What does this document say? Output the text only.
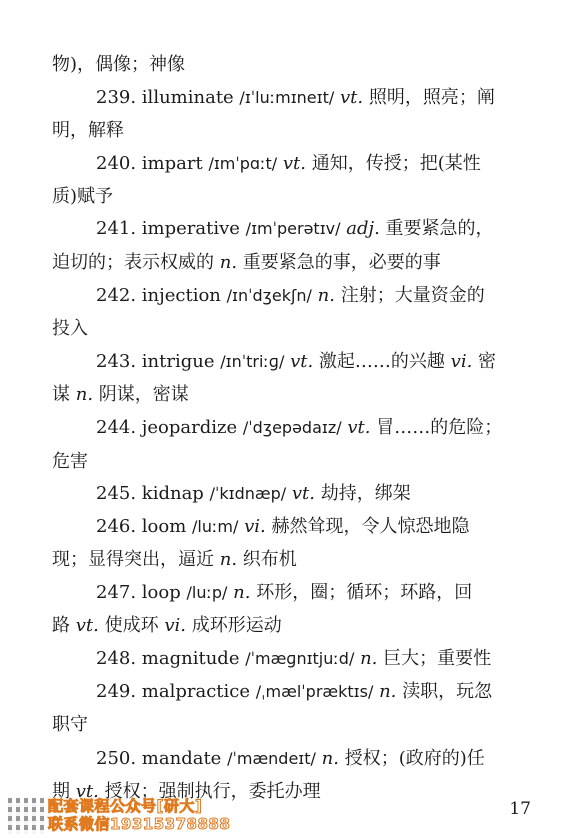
物)，偶像；神像
239. illuminate /ɪˈluːmɪneɪt/ vt. 照明，照亮；阐
明，解释
240. impart /ɪmˈpɑːt/ vt. 通知，传授；把(某性
质)赋予
241. imperative /ɪmˈperətɪv/ adj. 重要紧急的，
迫切的；表示权威的 n. 重要紧急的事，必要的事
242. injection /ɪnˈdʒekʃn/ n. 注射；大量资金的
投入
243. intrigue /ɪnˈtriːɡ/ vt. 激起……的兴趣 vi. 密
谋 n. 阴谋，密谋
244. jeopardize /ˈdʒepədaɪz/ vt. 冒……的危险；
危害
245. kidnap /ˈkɪdnæp/ vt. 劫持，绑架
246. loom /luːm/ vi. 赫然耸现，令人惊恐地隐
现；显得突出，逼近 n. 织布机
247. loop /luːp/ n. 环形，圈；循环；环路，回
路 vt. 使成环 vi. 成环形运动
248. magnitude /ˈmæɡnɪtjuːd/ n. 巨大；重要性
249. malpractice /ˌmælˈpræktɪs/ n. 渎职，玩忽
职守
250. mandate /ˈmændeɪt/ n. 授权；(政府的)任
期 vt. 授权；强制执行，委托办理
配套课程公众号[研大]
联系微信19315378888
17
